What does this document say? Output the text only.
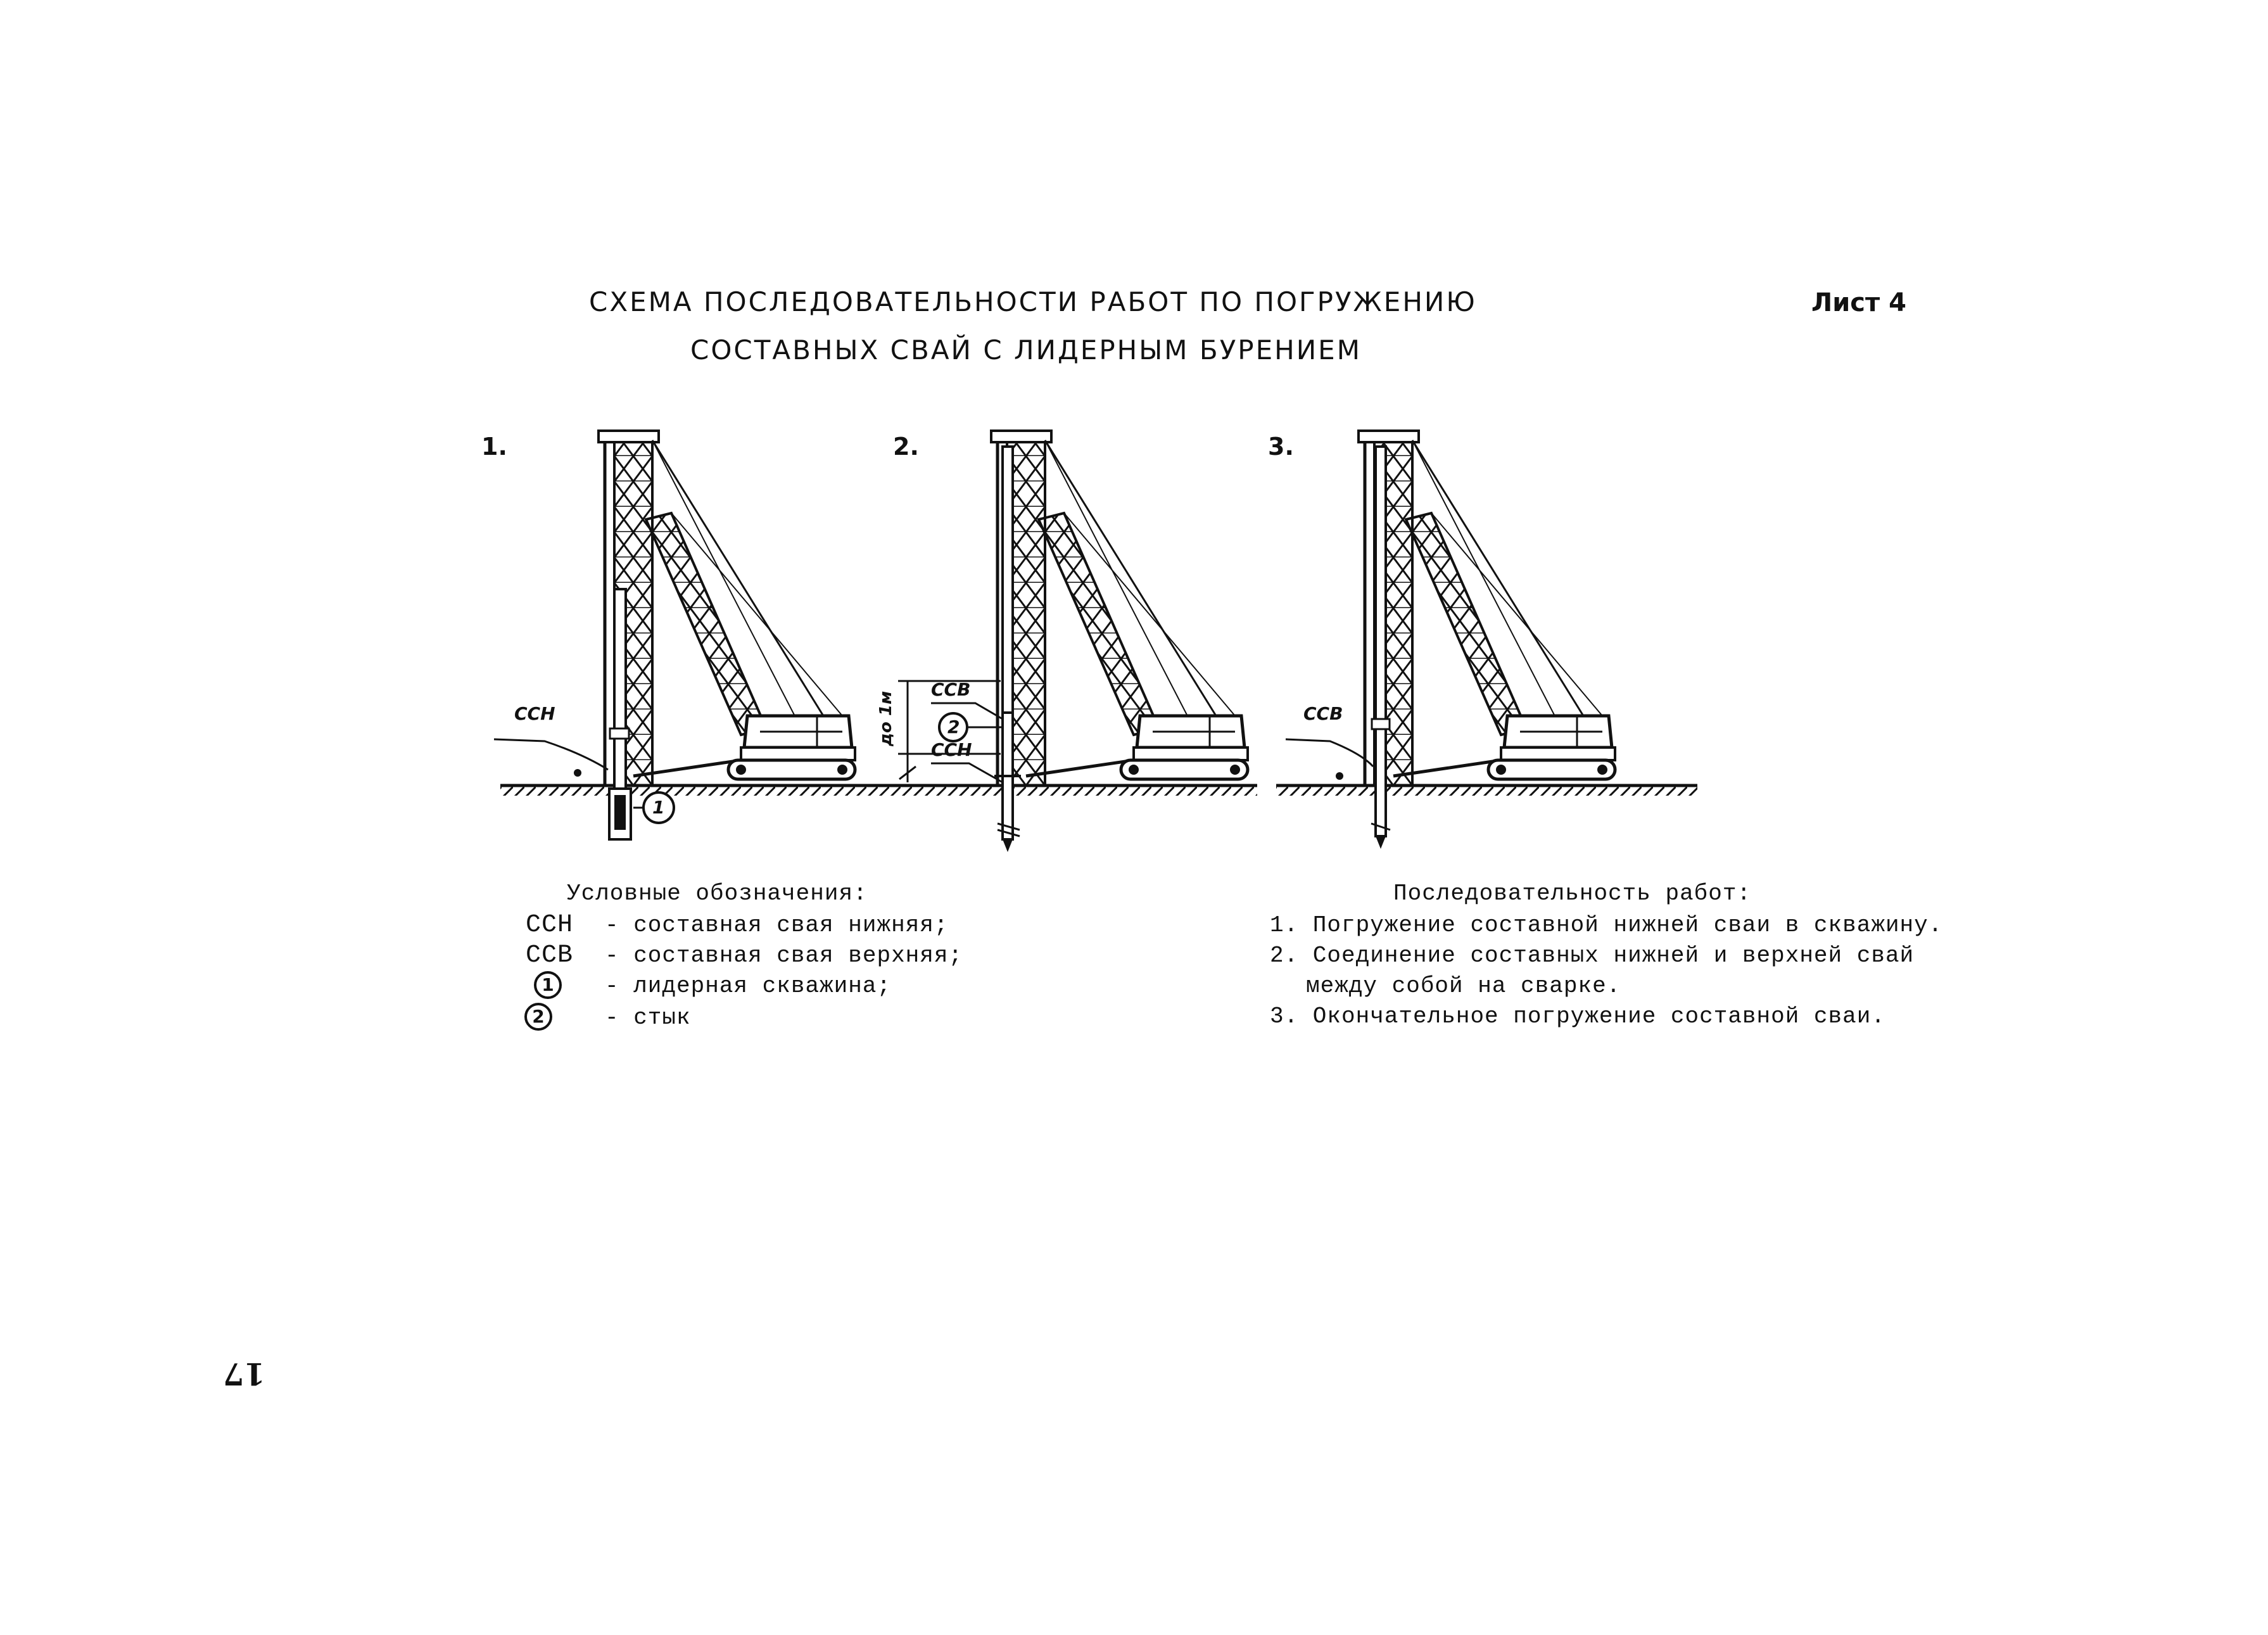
СХЕМА ПОСЛЕДОВАТЕЛЬНОСТИ РАБОТ ПО ПОГРУЖЕНИЮ
СОСТАВНЫХ СВАЙ С ЛИДЕРНЫМ БУРЕНИЕМ
Лист 4
1.	2.	3.
ССН
1
ССВ
2
ССН
до 1м	ССВ
Условные обозначения:
ССН - составная свая нижняя;
ССВ - составная свая верхняя;
1	- лидерная скважина;
2	- стык
Последовательность работ:
1. Погружение составной нижней сваи в скважину.
2. Соединение составных нижней и верхней свай
между собой на сварке.
3. Окончательное погружение составной сваи.
17
